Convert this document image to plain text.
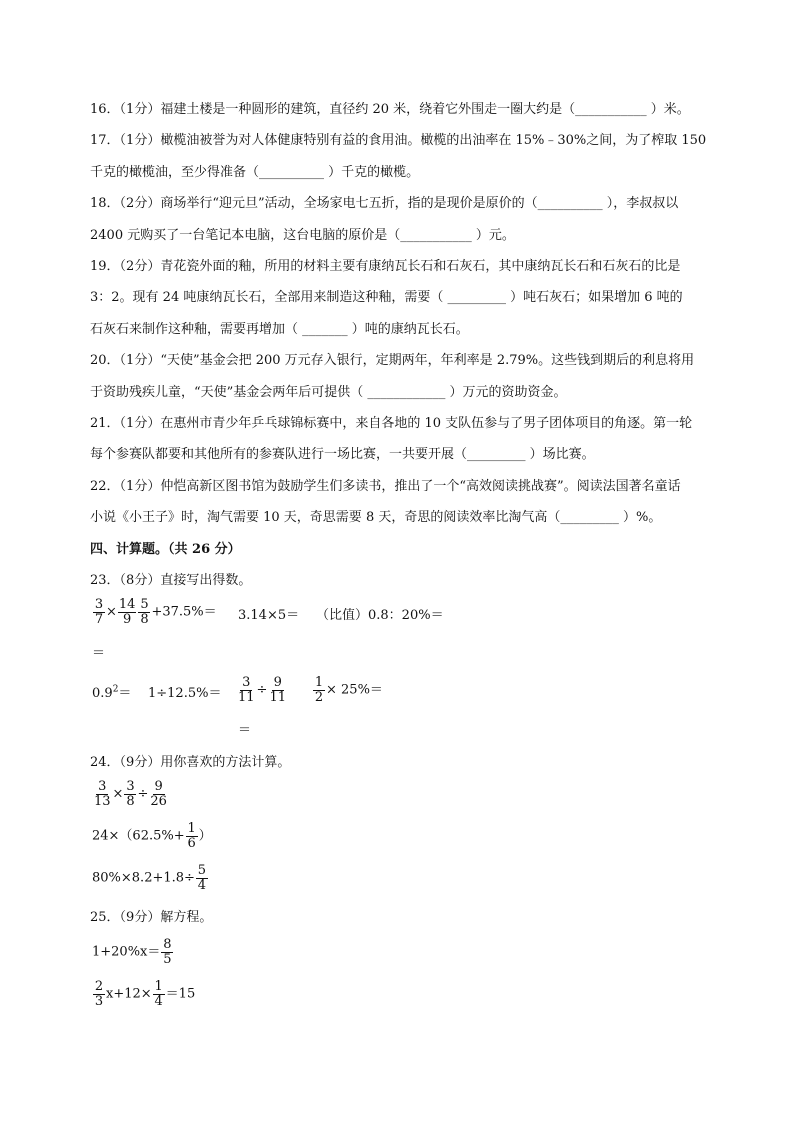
16．（1分）福建土楼是一种圆形的建筑，直径约 20 米，绕着它外围走一圈大约是（___________ ）米。
17．（1分）橄榄油被誉为对人体健康特别有益的食用油。橄榄的出油率在 15%﹣30%之间，为了榨取 150
千克的橄榄油，至少得准备（__________ ）千克的橄榄。
18．（2分）商场举行“迎元旦”活动，全场家电七五折，指的是现价是原价的（__________ ），李叔叔以
2400 元购买了一台笔记本电脑，这台电脑的原价是（___________ ）元。
19．（2分）青花瓷外面的釉，所用的材料主要有康纳瓦长石和石灰石，其中康纳瓦长石和石灰石的比是
3：2。现有 24 吨康纳瓦长石，全部用来制造这种釉，需要（ _________ ）吨石灰石；如果增加 6 吨的
石灰石来制作这种釉，需要再增加（ _______ ）吨的康纳瓦长石。
20．（1分）“天使”基金会把 200 万元存入银行，定期两年，年利率是 2.79%。这些钱到期后的利息将用
于资助残疾儿童，“天使”基金会两年后可提供（ ____________ ）万元的资助资金。
21．（1分）在惠州市青少年乒乓球锦标赛中，来自各地的 10 支队伍参与了男子团体项目的角逐。第一轮
每个参赛队都要和其他所有的参赛队进行一场比赛，一共要开展（_________ ）场比赛。
22．（1分）仲恺高新区图书馆为鼓励学生们多读书，推出了一个“高效阅读挑战赛”。阅读法国著名童话
小说《小王子》时，淘气需要 10 天，奇思需要 8 天，奇思的阅读效率比淘气高（_________ ）%。
四、计算题。（共 26 分）
23．（8分）直接写出得数。
$\frac{3}{7} \times \frac{14}{9} \frac{5}{8} +37.5\%=$
＝
3.14×5＝ （比值）0.8：20%＝
$0.9^2= 1\div 12.5\%= \frac{3}{11} \div \frac{9}{11}$
＝
$\frac{1}{2} \times 25\%=$
24．（9分）用你喜欢的方法计算。
$\frac{3}{13} \times \frac{3}{8} \div \frac{9}{26}$
$24\times(62.5\%+ \frac{1}{6}$ ）
$80\%\times 8.2+1.8\div \frac{5}{4}$
25．（9分）解方程。
$1+20\%x= \frac{8}{5}$
$\frac{2}{3} x+12\times \frac{1}{4} =15$
